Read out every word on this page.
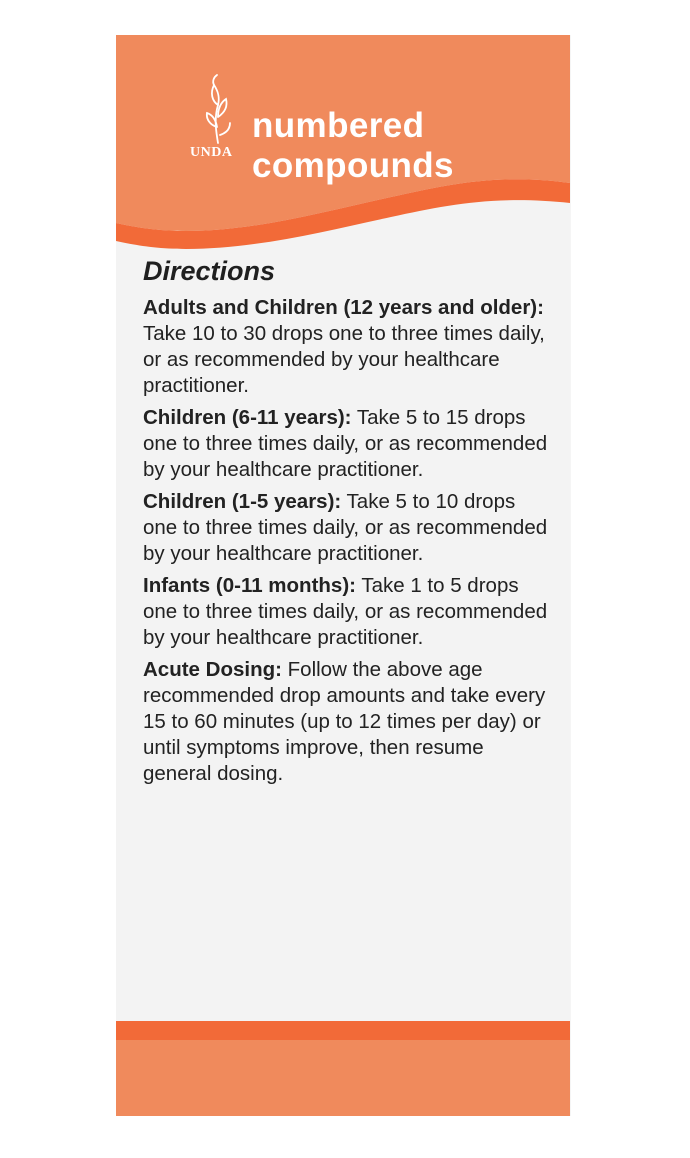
UNDA
numbered
compounds
Directions

Adults and Children (12 years and older): Take 10 to 30 drops one to three times daily, or as recommended by your healthcare practitioner.

Children (6-11 years): Take 5 to 15 drops one to three times daily, or as recommended by your healthcare practitioner.

Children (1-5 years): Take 5 to 10 drops one to three times daily, or as recommended by your healthcare practitioner.

Infants (0-11 months): Take 1 to 5 drops one to three times daily, or as recommended by your healthcare practitioner.

Acute Dosing: Follow the above age recommended drop amounts and take every 15 to 60 minutes (up to 12 times per day) or until symptoms improve, then resume general dosing.
